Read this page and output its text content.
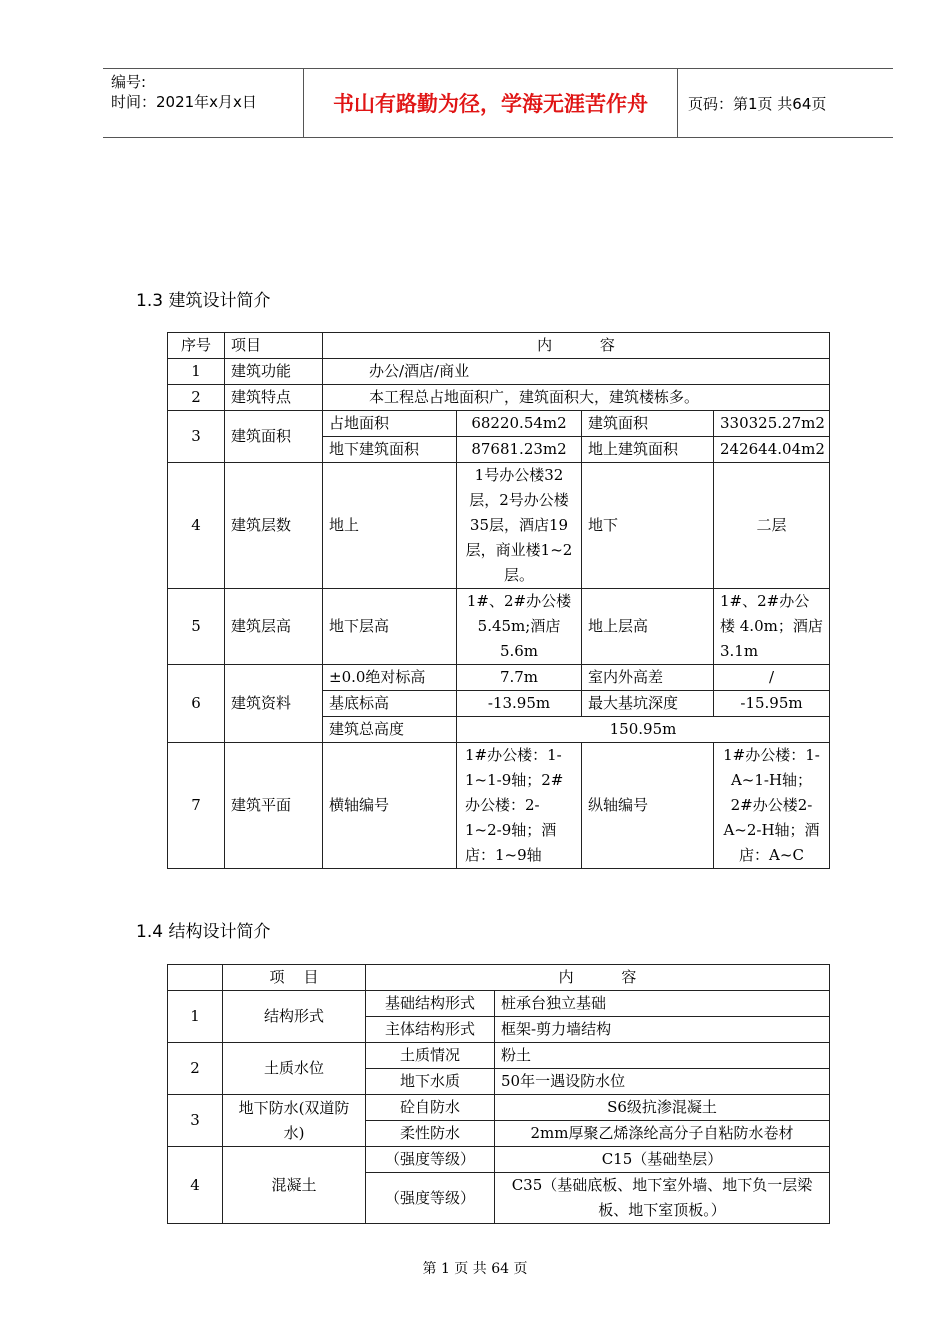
编号:
时间：2021年x月x日	书山有路勤为径，学海无涯苦作舟	页码：第1页 共64页
1.3 建筑设计简介
序号	项目	内          容			
1	建筑功能	办公/酒店/商业			
2	建筑特点	本工程总占地面积广，建筑面积大，建筑楼栋多。			
3	建筑面积	占地面积	68220.54m2	建筑面积	330325.27m2
		地下建筑面积	87681.23m2	地上建筑面积	242644.04m2
4	建筑层数	地上	1号办公楼32层，2号办公楼35层，酒店19层，商业楼1~2层。	地下	二层
5	建筑层高	地下层高	1#、2#办公楼5.45m;酒店5.6m	地上层高	1#、2#办公楼 4.0m；酒店3.1m
6	建筑资料	±0.0绝对标高	7.7m	室内外高差	/
		基底标高	-13.95m	最大基坑深度	-15.95m
		建筑总高度	150.95m		
7	建筑平面	横轴编号	1#办公楼：1-1~1-9轴；2#办公楼：2-1~2-9轴；酒店：1~9轴	纵轴编号	1#办公楼：1-A~1-H轴；2#办公楼2-A~2-H轴；酒店：A~C
1.4 结构设计简介
	项    目	内          容	
1	结构形式	基础结构形式	桩承台独立基础
		主体结构形式	框架-剪力墙结构
2	土质水位	土质情况	粉土
		地下水质	50年一遇设防水位
3	地下防水(双道防水)	砼自防水	S6级抗渗混凝土
		柔性防水	2mm厚聚乙烯涤纶高分子自粘防水卷材
4	混凝土	（强度等级）	C15（基础垫层）
		（强度等级）	C35（基础底板、地下室外墙、地下负一层梁板、地下室顶板。）
第 1 页 共 64 页
